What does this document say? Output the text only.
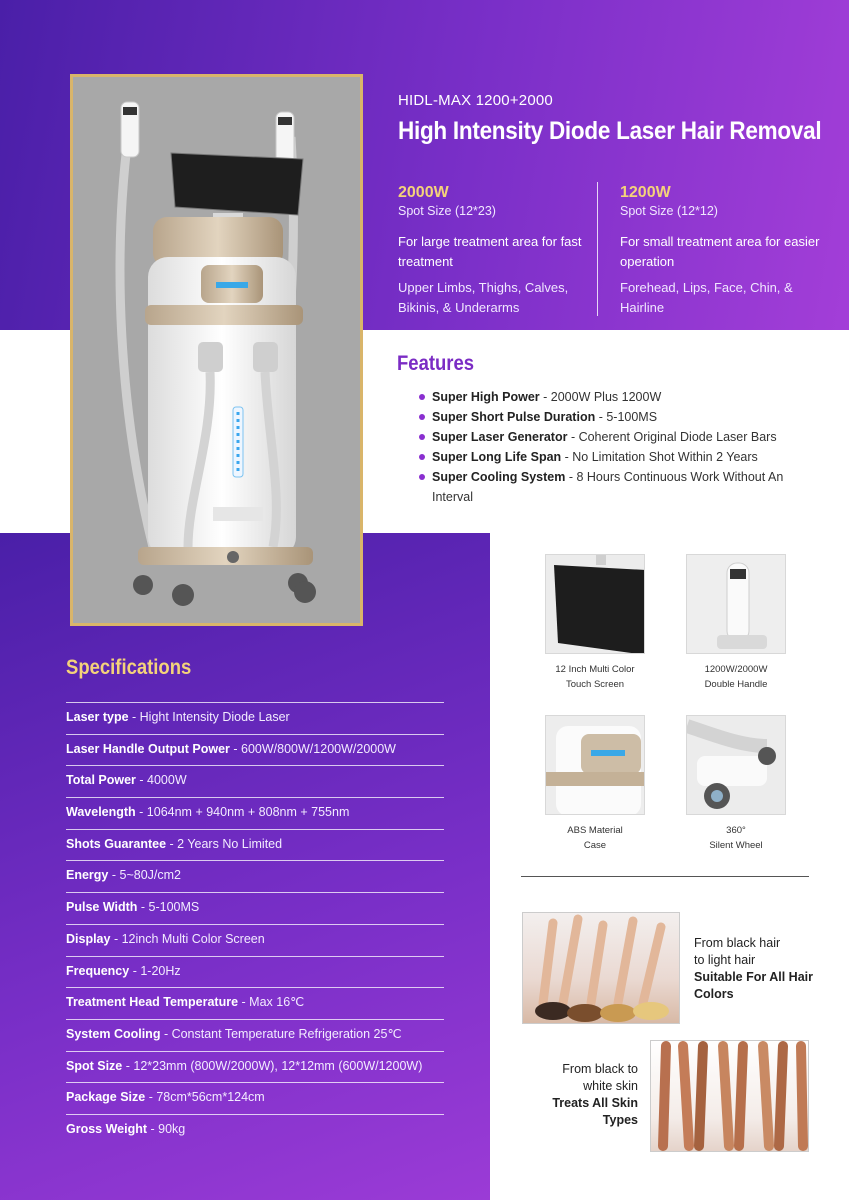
HIDL-MAX 1200+2000
High Intensity Diode Laser Hair Removal
2000W
Spot Size (12*23)
For large treatment area for fast treatment
Upper Limbs, Thighs, Calves, Bikinis, & Underarms
1200W
Spot Size (12*12)
For small treatment area for easier operation
Forehead, Lips, Face, Chin, & Hairline
Features
Super High Power - 2000W Plus 1200W
Super Short Pulse Duration - 5-100MS
Super Laser Generator - Coherent Original Diode Laser Bars
Super Long Life Span - No Limitation Shot Within 2 Years
Super Cooling System - 8 Hours Continuous Work Without An Interval
Specifications
Laser type - Hight Intensity Diode Laser
Laser Handle Output Power - 600W/800W/1200W/2000W
Total Power - 4000W
Wavelength - 1064nm + 940nm + 808nm + 755nm
Shots Guarantee - 2 Years No Limited
Energy - 5~80J/cm2
Pulse Width - 5-100MS
Display - 12inch Multi Color Screen
Frequency - 1-20Hz
Treatment Head Temperature - Max 16℃
System Cooling - Constant Temperature Refrigeration 25℃
Spot Size - 12*23mm (800W/2000W), 12*12mm (600W/1200W)
Package Size - 78cm*56cm*124cm
Gross Weight - 90kg
12 Inch Multi Color
Touch Screen
1200W/2000W
Double Handle
ABS Material
Case
360°
Silent Wheel
From black hair
to light hair
Suitable For All Hair Colors
From black to
white skin
Treats All Skin Types
